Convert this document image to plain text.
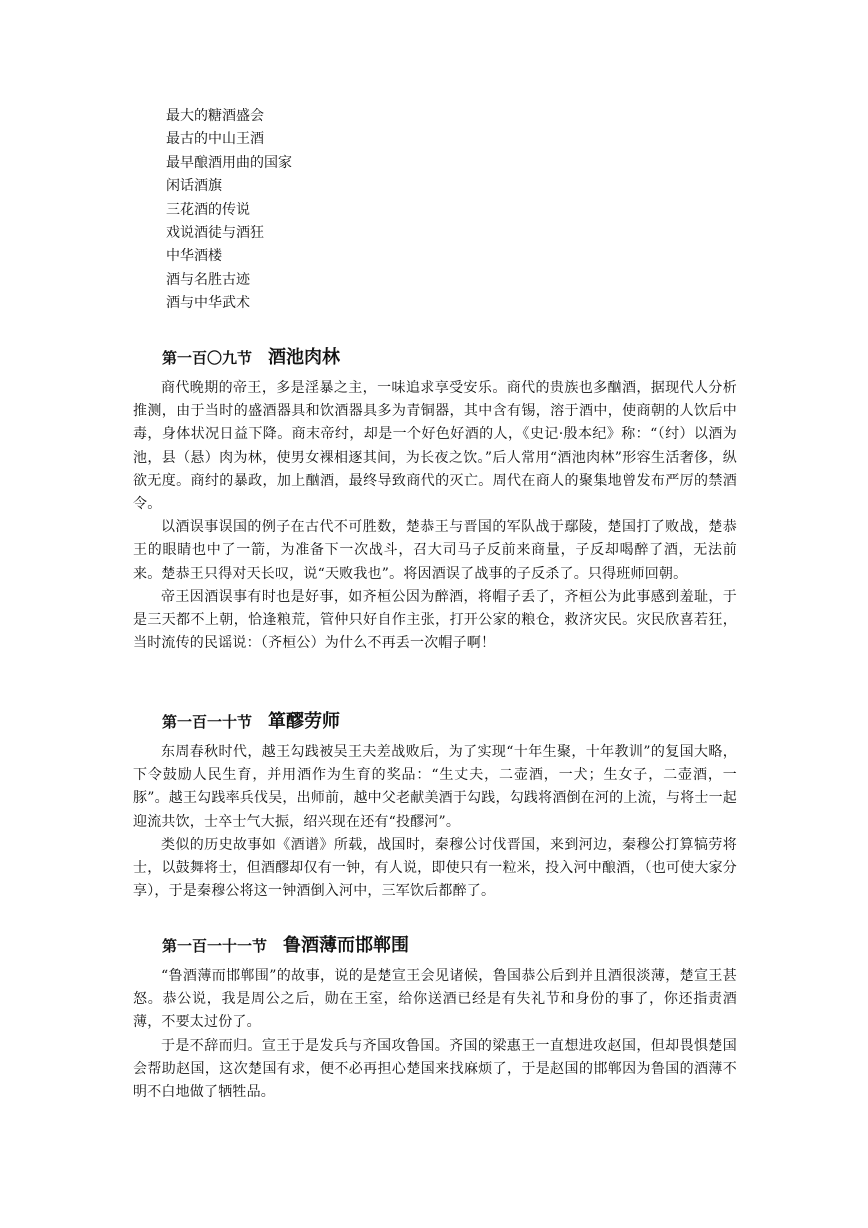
最大的糖酒盛会
最古的中山王酒
最早酿酒用曲的国家
闲话酒旗
三花酒的传说
戏说酒徒与酒狂
中华酒楼
酒与名胜古迹
酒与中华武术
第一百〇九节 酒池肉林

商代晚期的帝王，多是淫暴之主，一味追求享受安乐。商代的贵族也多酗酒，据现代人分析推测，由于当时的盛酒器具和饮酒器具多为青铜器，其中含有锡，溶于酒中，使商朝的人饮后中毒，身体状况日益下降。商末帝纣，却是一个好色好酒的人，《史记·殷本纪》称：“（纣）以酒为池，县（悬）肉为林，使男女裸相逐其间，为长夜之饮。”后人常用“酒池肉林”形容生活奢侈，纵欲无度。商纣的暴政，加上酗酒，最终导致商代的灭亡。周代在商人的聚集地曾发布严厉的禁酒令。

以酒误事误国的例子在古代不可胜数，楚恭王与晋国的军队战于鄢陵，楚国打了败战，楚恭王的眼睛也中了一箭，为准备下一次战斗，召大司马子反前来商量，子反却喝醉了酒，无法前来。楚恭王只得对天长叹，说“天败我也”。将因酒误了战事的子反杀了。只得班师回朝。

帝王因酒误事有时也是好事，如齐桓公因为醉酒，将帽子丢了，齐桓公为此事感到羞耻，于是三天都不上朝，恰逢粮荒，管仲只好自作主张，打开公家的粮仓，救济灾民。灾民欣喜若狂，当时流传的民谣说：（齐桓公）为什么不再丢一次帽子啊！

第一百一十节 箪醪劳师

东周春秋时代，越王勾践被吴王夫差战败后，为了实现“十年生聚，十年教训”的复国大略，下令鼓励人民生育，并用酒作为生育的奖品：“生丈夫，二壶酒，一犬；生女子，二壶酒，一豚”。越王勾践率兵伐吴，出师前，越中父老献美酒于勾践，勾践将酒倒在河的上流，与将士一起迎流共饮，士卒士气大振，绍兴现在还有“投醪河”。

类似的历史故事如《酒谱》所载，战国时，秦穆公讨伐晋国，来到河边，秦穆公打算犒劳将士，以鼓舞将士，但酒醪却仅有一钟，有人说，即使只有一粒米，投入河中酿酒，（也可使大家分享），于是秦穆公将这一钟酒倒入河中，三军饮后都醉了。

第一百一十一节 鲁酒薄而邯郸围

“鲁酒薄而邯郸围”的故事，说的是楚宣王会见诸候，鲁国恭公后到并且酒很淡薄，楚宣王甚怒。恭公说，我是周公之后，勋在王室，给你送酒已经是有失礼节和身份的事了，你还指责酒薄，不要太过份了。

于是不辞而归。宣王于是发兵与齐国攻鲁国。齐国的梁惠王一直想进攻赵国，但却畏惧楚国会帮助赵国，这次楚国有求，便不必再担心楚国来找麻烦了，于是赵国的邯郸因为鲁国的酒薄不明不白地做了牺牲品。
